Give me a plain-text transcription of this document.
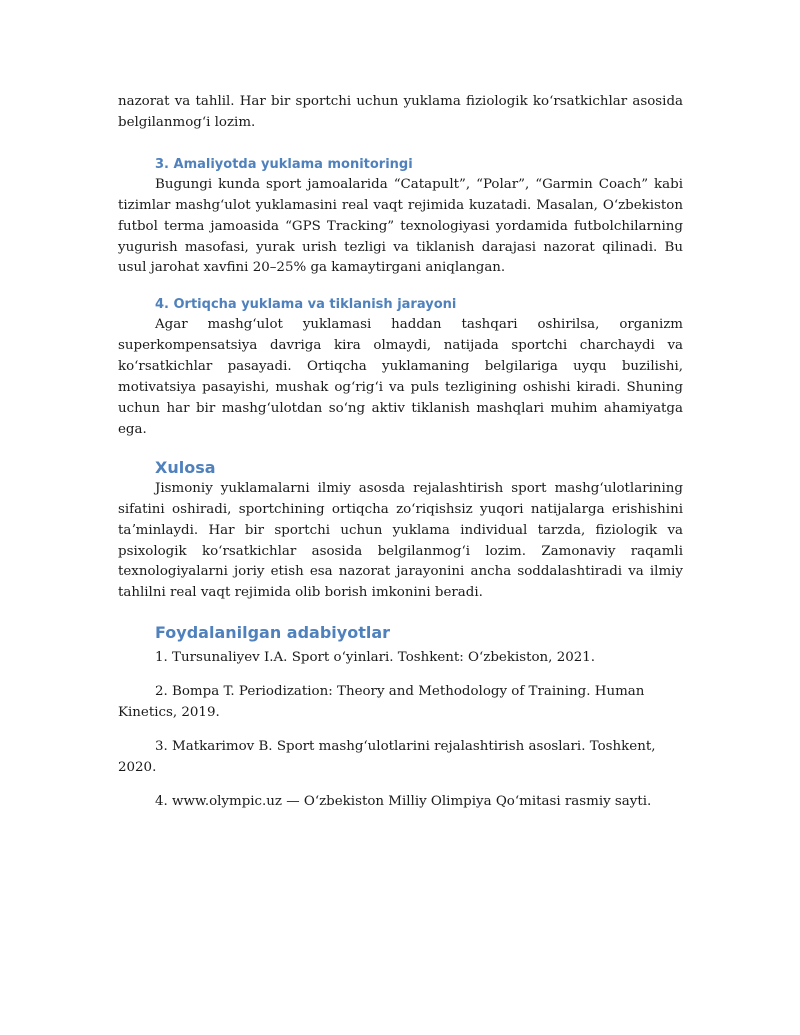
nazorat va tahlil. Har bir sportchi uchun yuklama fiziologik koʻrsatkichlar asosida belgilanmogʻi lozim.

3. Amaliyotda yuklama monitoringi

Bugungi kunda sport jamoalarida “Catapult”, “Polar”, “Garmin Coach” kabi tizimlar mashgʻulot yuklamasini real vaqt rejimida kuzatadi. Masalan, Oʻzbekiston futbol terma jamoasida “GPS Tracking” texnologiyasi yordamida futbolchilarning yugurish masofasi, yurak urish tezligi va tiklanish darajasi nazorat qilinadi. Bu usul jarohat xavfini 20–25% ga kamaytirgani aniqlangan.

4. Ortiqcha yuklama va tiklanish jarayoni

Agar mashgʻulot yuklamasi haddan tashqari oshirilsa, organizm superkompensatsiya davriga kira olmaydi, natijada sportchi charchaydi va koʻrsatkichlar pasayadi. Ortiqcha yuklamaning belgilariga uyqu buzilishi, motivatsiya pasayishi, mushak ogʻrigʻi va puls tezligining oshishi kiradi. Shuning uchun har bir mashgʻulotdan soʻng aktiv tiklanish mashqlari muhim ahamiyatga ega.

Xulosa

Jismoniy yuklamalarni ilmiy asosda rejalashtirish sport mashgʻulotlarining sifatini oshiradi, sportchining ortiqcha zoʻriqishsiz yuqori natijalarga erishishini taʼminlaydi. Har bir sportchi uchun yuklama individual tarzda, fiziologik va psixologik koʻrsatkichlar asosida belgilanmogʻi lozim. Zamonaviy raqamli texnologiyalarni joriy etish esa nazorat jarayonini ancha soddalashtiradi va ilmiy tahlilni real vaqt rejimida olib borish imkonini beradi.

Foydalanilgan adabiyotlar

1. Tursunaliyev I.A. Sport oʻyinlari. Toshkent: Oʻzbekiston, 2021.

2. Bompa T. Periodization: Theory and Methodology of Training. Human Kinetics, 2019.

3. Matkarimov B. Sport mashgʻulotlarini rejalashtirish asoslari. Toshkent, 2020.

4. www.olympic.uz — Oʻzbekiston Milliy Olimpiya Qoʻmitasi rasmiy sayti.
